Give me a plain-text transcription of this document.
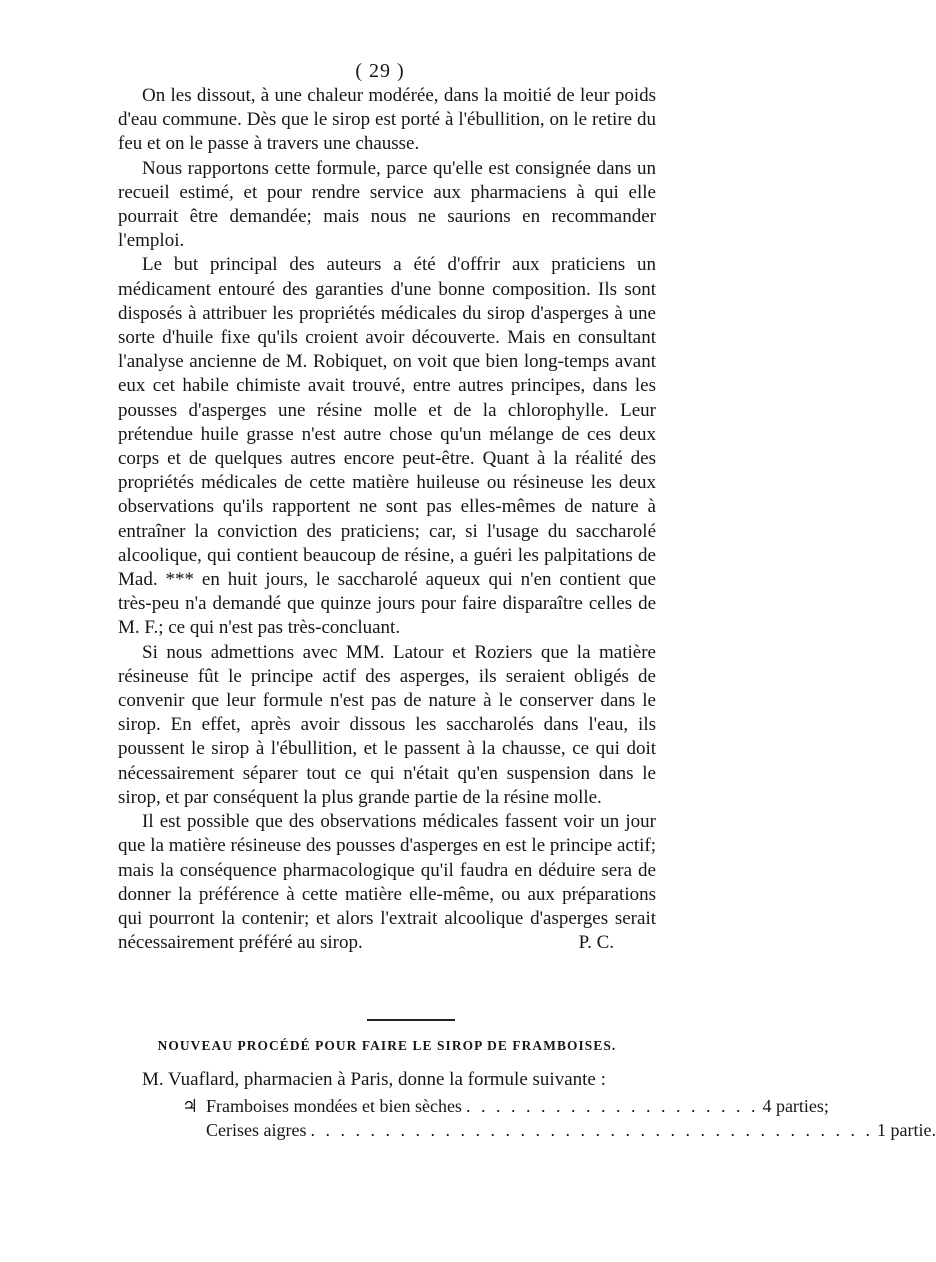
( 29 )

On les dissout, à une chaleur modérée, dans la moitié de leur poids d'eau commune. Dès que le sirop est porté à l'ébullition, on le retire du feu et on le passe à travers une chausse.

Nous rapportons cette formule, parce qu'elle est consignée dans un recueil estimé, et pour rendre service aux pharmaciens à qui elle pourrait être demandée; mais nous ne saurions en recommander l'emploi.

Le but principal des auteurs a été d'offrir aux praticiens un médicament entouré des garanties d'une bonne composition. Ils sont disposés à attribuer les propriétés médicales du sirop d'asperges à une sorte d'huile fixe qu'ils croient avoir découverte. Mais en consultant l'analyse ancienne de M. Robiquet, on voit que bien long-temps avant eux cet habile chimiste avait trouvé, entre autres principes, dans les pousses d'asperges une résine molle et de la chlorophylle. Leur prétendue huile grasse n'est autre chose qu'un mélange de ces deux corps et de quelques autres encore peut-être. Quant à la réalité des propriétés médicales de cette matière huileuse ou résineuse les deux observations qu'ils rapportent ne sont pas elles-mêmes de nature à entraîner la conviction des praticiens; car, si l'usage du saccharolé alcoolique, qui contient beaucoup de résine, a guéri les palpitations de Mad. *** en huit jours, le saccharolé aqueux qui n'en contient que très-peu n'a demandé que quinze jours pour faire disparaître celles de M. F.; ce qui n'est pas très-concluant.

Si nous admettions avec MM. Latour et Roziers que la matière résineuse fût le principe actif des asperges, ils seraient obligés de convenir que leur formule n'est pas de nature à le conserver dans le sirop. En effet, après avoir dissous les saccharolés dans l'eau, ils poussent le sirop à l'ébullition, et le passent à la chausse, ce qui doit nécessairement séparer tout ce qui n'était qu'en suspension dans le sirop, et par conséquent la plus grande partie de la résine molle.

Il est possible que des observations médicales fassent voir un jour que la matière résineuse des pousses d'asperges en est le principe actif; mais la conséquence pharmacologique qu'il faudra en déduire sera de donner la préférence à cette matière elle-même, ou aux préparations qui pourront la contenir; et alors l'extrait alcoolique d'asperges serait nécessairement préféré au sirop.	P. C.

NOUVEAU PROCÉDÉ POUR FAIRE LE SIROP DE FRAMBOISES.
M. Vuaflard, pharmacien à Paris, donne la formule suivante :
♃ Framboises mondées et bien sèches . . . . . . . . . . . . . . . . . . . . 4 parties;
Cerises aigres . . . . . . . . . . . . . . . . . . . . . . . . . . . . . . . . . . . . . . 1 partie.
